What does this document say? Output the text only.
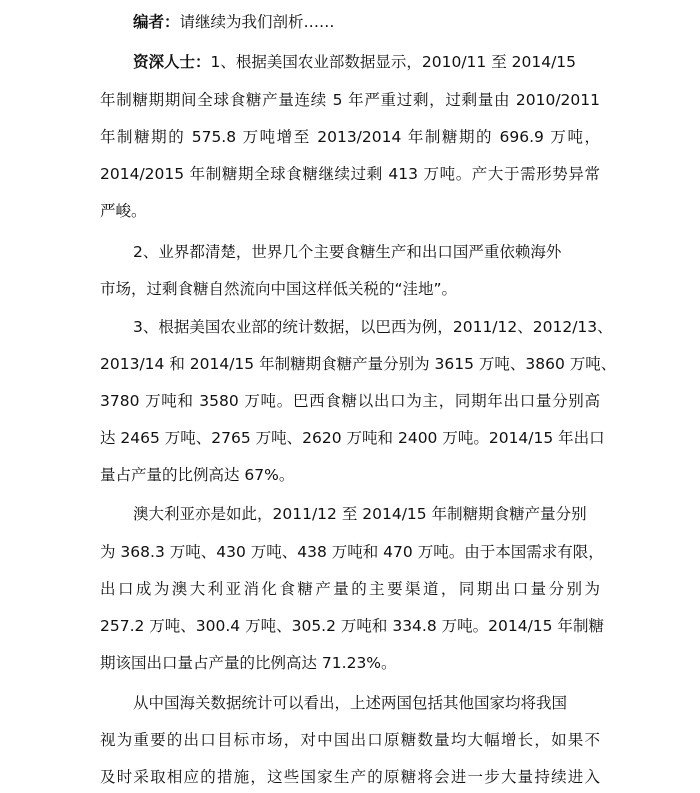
编者：请继续为我们剖析……
资深人士：1、根据美国农业部数据显示，2010/11 至 2014/15
年制糖期期间全球食糖产量连续 5 年严重过剩，过剩量由 2010/2011
年制糖期的 575.8 万吨增至 2013/2014 年制糖期的 696.9 万吨，
2014/2015 年制糖期全球食糖继续过剩 413 万吨。产大于需形势异常
严峻。
2、业界都清楚，世界几个主要食糖生产和出口国严重依赖海外
市场，过剩食糖自然流向中国这样低关税的“洼地”。
3、根据美国农业部的统计数据，以巴西为例，2011/12、2012/13、
2013/14 和 2014/15 年制糖期食糖产量分别为 3615 万吨、3860 万吨、
3780 万吨和 3580 万吨。巴西食糖以出口为主，同期年出口量分别高
达 2465 万吨、2765 万吨、2620 万吨和 2400 万吨。2014/15 年出口
量占产量的比例高达 67%。
澳大利亚亦是如此，2011/12 至 2014/15 年制糖期食糖产量分别
为 368.3 万吨、430 万吨、438 万吨和 470 万吨。由于本国需求有限，
出口成为澳大利亚消化食糖产量的主要渠道，同期出口量分别为
257.2 万吨、300.4 万吨、305.2 万吨和 334.8 万吨。2014/15 年制糖
期该国出口量占产量的比例高达 71.23%。
从中国海关数据统计可以看出，上述两国包括其他国家均将我国
视为重要的出口目标市场，对中国出口原糖数量均大幅增长，如果不
及时采取相应的措施，这些国家生产的原糖将会进一步大量持续进入
